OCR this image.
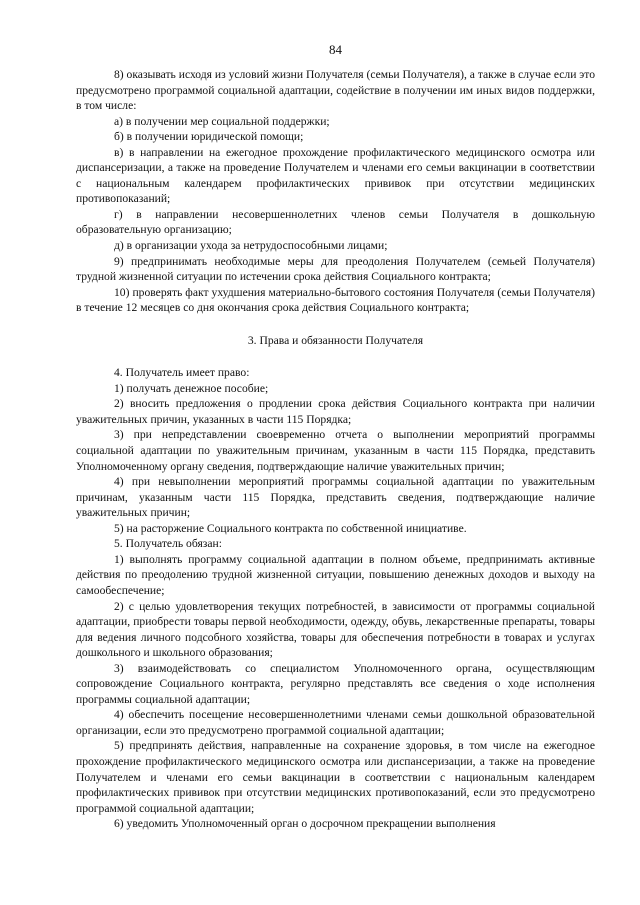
84

8) оказывать исходя из условий жизни Получателя (семьи Получателя), а также в случае если это предусмотрено программой социальной адаптации, содействие в получении им иных видов поддержки, в том числе:

а) в получении мер социальной поддержки;

б) в получении юридической помощи;

в) в направлении на ежегодное прохождение профилактического медицинского осмотра или диспансеризации, а также на проведение Получателем и членами его семьи вакцинации в соответствии с национальным календарем профилактических прививок при отсутствии медицинских противопоказаний;

г) в направлении несовершеннолетних членов семьи Получателя в дошкольную образовательную организацию;

д) в организации ухода за нетрудоспособными лицами;

9) предпринимать необходимые меры для преодоления Получателем (семьей Получателя) трудной жизненной ситуации по истечении срока действия Социального контракта;

10) проверять факт ухудшения материально-бытового состояния Получателя (семьи Получателя) в течение 12 месяцев со дня окончания срока действия Социального контракта;

3. Права и обязанности Получателя

4. Получатель имеет право:

1) получать денежное пособие;

2) вносить предложения о продлении срока действия Социального контракта при наличии уважительных причин, указанных в части 115 Порядка;

3) при непредставлении своевременно отчета о выполнении мероприятий программы социальной адаптации по уважительным причинам, указанным в части 115 Порядка, представить Уполномоченному органу сведения, подтверждающие наличие уважительных причин;

4) при невыполнении мероприятий программы социальной адаптации по уважительным причинам, указанным части 115 Порядка, представить сведения, подтверждающие наличие уважительных причин;

5) на расторжение Социального контракта по собственной инициативе.

5. Получатель обязан:

1) выполнять программу социальной адаптации в полном объеме, предпринимать активные действия по преодолению трудной жизненной ситуации, повышению денежных доходов и выходу на самообеспечение;

2) с целью удовлетворения текущих потребностей, в зависимости от программы социальной адаптации, приобрести товары первой необходимости, одежду, обувь, лекарственные препараты, товары для ведения личного подсобного хозяйства, товары для обеспечения потребности в товарах и услугах дошкольного и школьного образования;

3) взаимодействовать со специалистом Уполномоченного органа, осуществляющим сопровождение Социального контракта, регулярно представлять все сведения о ходе исполнения программы социальной адаптации;

4) обеспечить посещение несовершеннолетними членами семьи дошкольной образовательной организации, если это предусмотрено программой социальной адаптации;

5) предпринять действия, направленные на сохранение здоровья, в том числе на ежегодное прохождение профилактического медицинского осмотра или диспансеризации, а также на проведение Получателем и членами его семьи вакцинации в соответствии с национальным календарем профилактических прививок при отсутствии медицинских противопоказаний, если это предусмотрено программой социальной адаптации;

6) уведомить Уполномоченный орган о досрочном прекращении выполнения
